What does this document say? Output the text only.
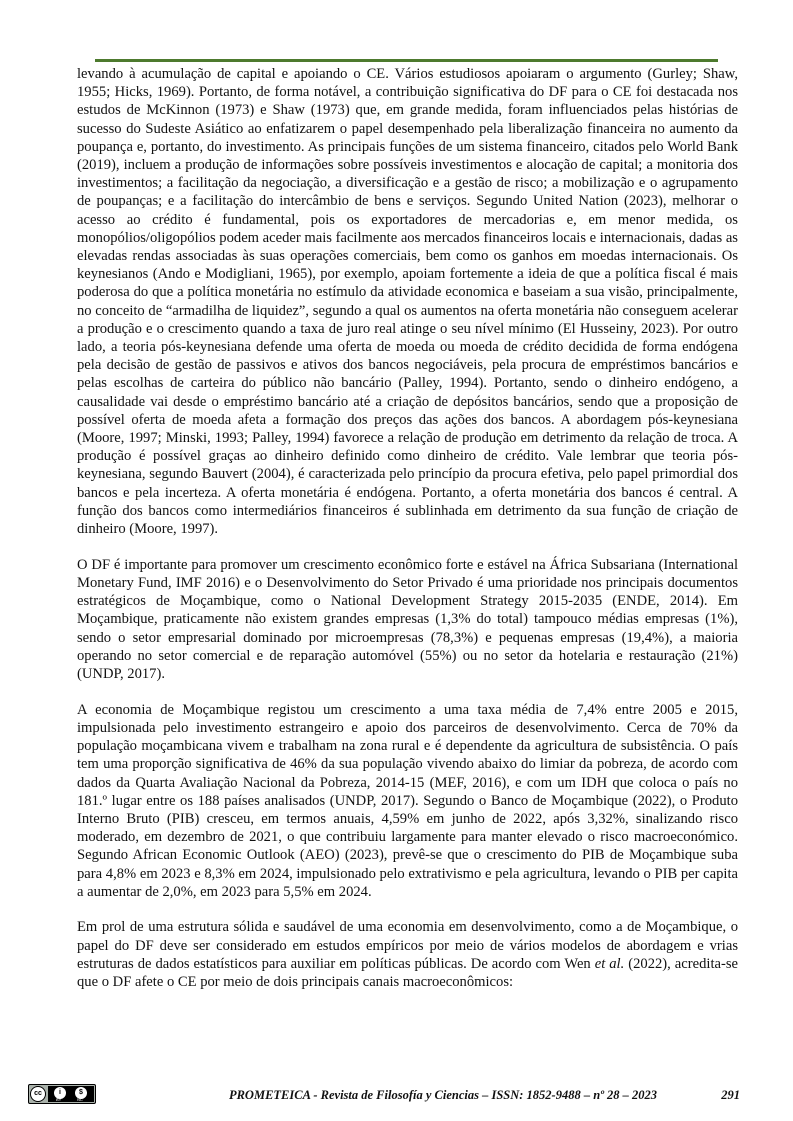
levando à acumulação de capital e apoiando o CE. Vários estudiosos apoiaram o argumento (Gurley; Shaw, 1955; Hicks, 1969). Portanto, de forma notável, a contribuição significativa do DF para o CE foi destacada nos estudos de McKinnon (1973) e Shaw (1973) que, em grande medida, foram influenciados pelas histórias de sucesso do Sudeste Asiático ao enfatizarem o papel desempenhado pela liberalização financeira no aumento da poupança e, portanto, do investimento. As principais funções de um sistema financeiro, citados pelo World Bank (2019), incluem a produção de informações sobre possíveis investimentos e alocação de capital; a monitoria dos investimentos; a facilitação da negociação, a diversificação e a gestão de risco; a mobilização e o agrupamento de poupanças; e a facilitação do intercâmbio de bens e serviços. Segundo United Nation (2023), melhorar o acesso ao crédito é fundamental, pois os exportadores de mercadorias e, em menor medida, os monopólios/oligopólios podem aceder mais facilmente aos mercados financeiros locais e internacionais, dadas as elevadas rendas associadas às suas operações comerciais, bem como os ganhos em moedas internacionais. Os keynesianos (Ando e Modigliani, 1965), por exemplo, apoiam fortemente a ideia de que a política fiscal é mais poderosa do que a política monetária no estímulo da atividade economica e baseiam a sua visão, principalmente, no conceito de “armadilha de liquidez”, segundo a qual os aumentos na oferta monetária não conseguem acelerar a produção e o crescimento quando a taxa de juro real atinge o seu nível mínimo (El Husseiny, 2023). Por outro lado, a teoria pós-keynesiana defende uma oferta de moeda ou moeda de crédito decidida de forma endógena pela decisão de gestão de passivos e ativos dos bancos negociáveis, pela procura de empréstimos bancários e pelas escolhas de carteira do público não bancário (Palley, 1994). Portanto, sendo o dinheiro endógeno, a causalidade vai desde o empréstimo bancário até a criação de depósitos bancários, sendo que a proposição de possível oferta de moeda afeta a formação dos preços das ações dos bancos. A abordagem pós-keynesiana (Moore, 1997; Minski, 1993; Palley, 1994) favorece a relação de produção em detrimento da relação de troca. A produção é possível graças ao dinheiro definido como dinheiro de crédito. Vale lembrar que teoria pós-keynesiana, segundo Bauvert (2004), é caracterizada pelo princípio da procura efetiva, pelo papel primordial dos bancos e pela incerteza. A oferta monetária é endógena. Portanto, a oferta monetária dos bancos é central. A função dos bancos como intermediários financeiros é sublinhada em detrimento da sua função de criação de dinheiro (Moore, 1997).

O DF é importante para promover um crescimento econômico forte e estável na África Subsariana (International Monetary Fund, IMF 2016) e o Desenvolvimento do Setor Privado é uma prioridade nos principais documentos estratégicos de Moçambique, como o National Development Strategy 2015-2035 (ENDE, 2014). Em Moçambique, praticamente não existem grandes empresas (1,3% do total) tampouco médias empresas (1%), sendo o setor empresarial dominado por microempresas (78,3%) e pequenas empresas (19,4%), a maioria operando no setor comercial e de reparação automóvel (55%) ou no setor da hotelaria e restauração (21%) (UNDP, 2017).

A economia de Moçambique registou um crescimento a uma taxa média de 7,4% entre 2005 e 2015, impulsionada pelo investimento estrangeiro e apoio dos parceiros de desenvolvimento. Cerca de 70% da população moçambicana vivem e trabalham na zona rural e é dependente da agricultura de subsistência. O país tem uma proporção significativa de 46% da sua população vivendo abaixo do limiar da pobreza, de acordo com dados da Quarta Avaliação Nacional da Pobreza, 2014-15 (MEF, 2016), e com um IDH que coloca o país no 181.º lugar entre os 188 países analisados (UNDP, 2017). Segundo o Banco de Moçambique (2022), o Produto Interno Bruto (PIB) cresceu, em termos anuais, 4,59% em junho de 2022, após 3,32%, sinalizando risco moderado, em dezembro de 2021, o que contribuiu largamente para manter elevado o risco macroeconómico. Segundo African Economic Outlook (AEO) (2023), prevê-se que o crescimento do PIB de Moçambique suba para 4,8% em 2023 e 8,3% em 2024, impulsionado pelo extrativismo e pela agricultura, levando o PIB per capita a aumentar de 2,0%, em 2023 para 5,5% em 2024.

Em prol de uma estrutura sólida e saudável de uma economia em desenvolvimento, como a de Moçambique, o papel do DF deve ser considerado em estudos empíricos por meio de vários modelos de abordagem e vrias estruturas de dados estatísticos para auxiliar em políticas públicas. De acordo com Wen et al. (2022), acredita-se que o DF afete o CE por meio de dois principais canais macroeconômicos:

cc	i	$
BY	NC	PROMETEICA - Revista de Filosofía y Ciencias – ISSN: 1852-9488 – nº 28 – 2023	291
